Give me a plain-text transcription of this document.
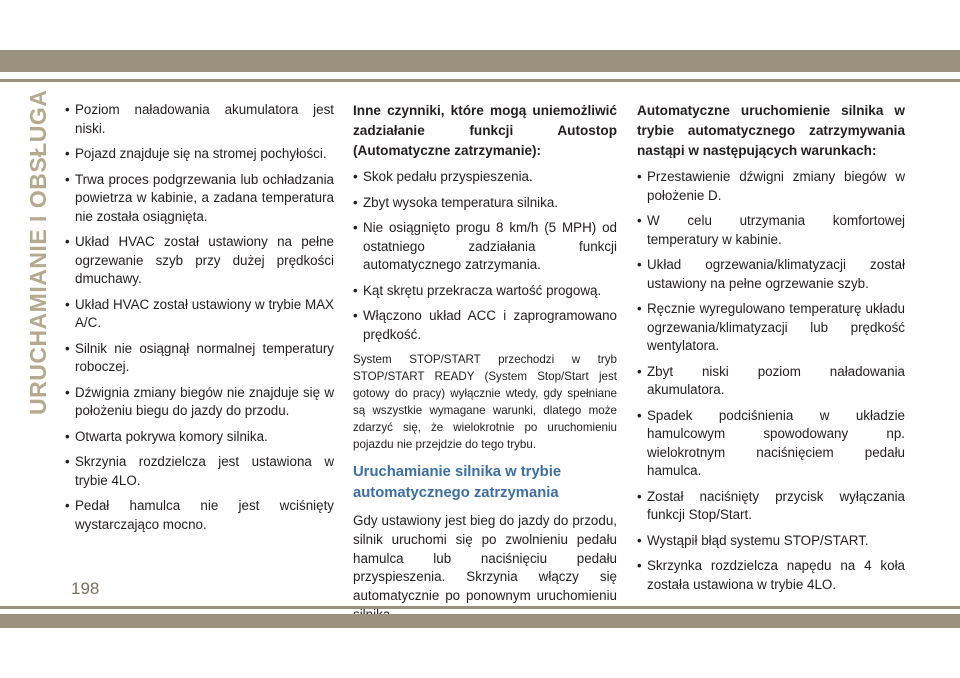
URUCHAMIANIE I OBSŁUGA
• Poziom naładowania akumulatora jest niski.
• Pojazd znajduje się na stromej pochyłości.
• Trwa proces podgrzewania lub ochładzania powietrza w kabinie, a zadana temperatura nie została osiągnięta.
• Układ HVAC został ustawiony na pełne ogrzewanie szyb przy dużej prędkości dmuchawy.
• Układ HVAC został ustawiony w trybie MAX A/C.
• Silnik nie osiągnął normalnej temperatury roboczej.
• Dźwignia zmiany biegów nie znajduje się w położeniu biegu do jazdy do przodu.
• Otwarta pokrywa komory silnika.
• Skrzynia rozdzielcza jest ustawiona w trybie 4LO.
• Pedał hamulca nie jest wciśnięty wystarczająco mocno.
Inne czynniki, które mogą uniemożliwić zadziałanie funkcji Autostop (Automatyczne zatrzymanie):
• Skok pedału przyspieszenia.
• Zbyt wysoka temperatura silnika.
• Nie osiągnięto progu 8 km/h (5 MPH) od ostatniego zadziałania funkcji automatycznego zatrzymania.
• Kąt skrętu przekracza wartość progową.
• Włączono układ ACC i zaprogramowano prędkość.
System STOP/START przechodzi w tryb STOP/START READY (System Stop/Start jest gotowy do pracy) wyłącznie wtedy, gdy spełniane są wszystkie wymagane warunki, dlatego może zdarzyć się, że wielokrotnie po uruchomieniu pojazdu nie przejdzie do tego trybu.
Uruchamianie silnika w trybie automatycznego zatrzymania
Gdy ustawiony jest bieg do jazdy do przodu, silnik uruchomi się po zwolnieniu pedału hamulca lub naciśnięciu pedału przyspieszenia. Skrzynia włączy się automatycznie po ponownym uruchomieniu
Automatyczne uruchomienie silnika w trybie automatycznego zatrzymywania nastąpi w następujących warunkach:
• Przestawienie dźwigni zmiany biegów w położenie D.
• W celu utrzymania komfortowej temperatury w kabinie.
• Układ ogrzewania/klimatyzacji został ustawiony na pełne ogrzewanie szyb.
• Ręcznie wyregulowano temperaturę układu ogrzewania/klimatyzacji lub prędkość wentylatora.
• Zbyt niski poziom naładowania akumulatora.
• Spadek podciśnienia w układzie hamulcowym spowodowany np. wielokrotnym naciśnięciem pedału hamulca.
• Został naciśnięty przycisk wyłączania funkcji Stop/Start.
• Wystąpił błąd systemu STOP/START.
• Skrzynka rozdzielcza napędu na 4 koła została ustawiona w trybie 4LO.
198
